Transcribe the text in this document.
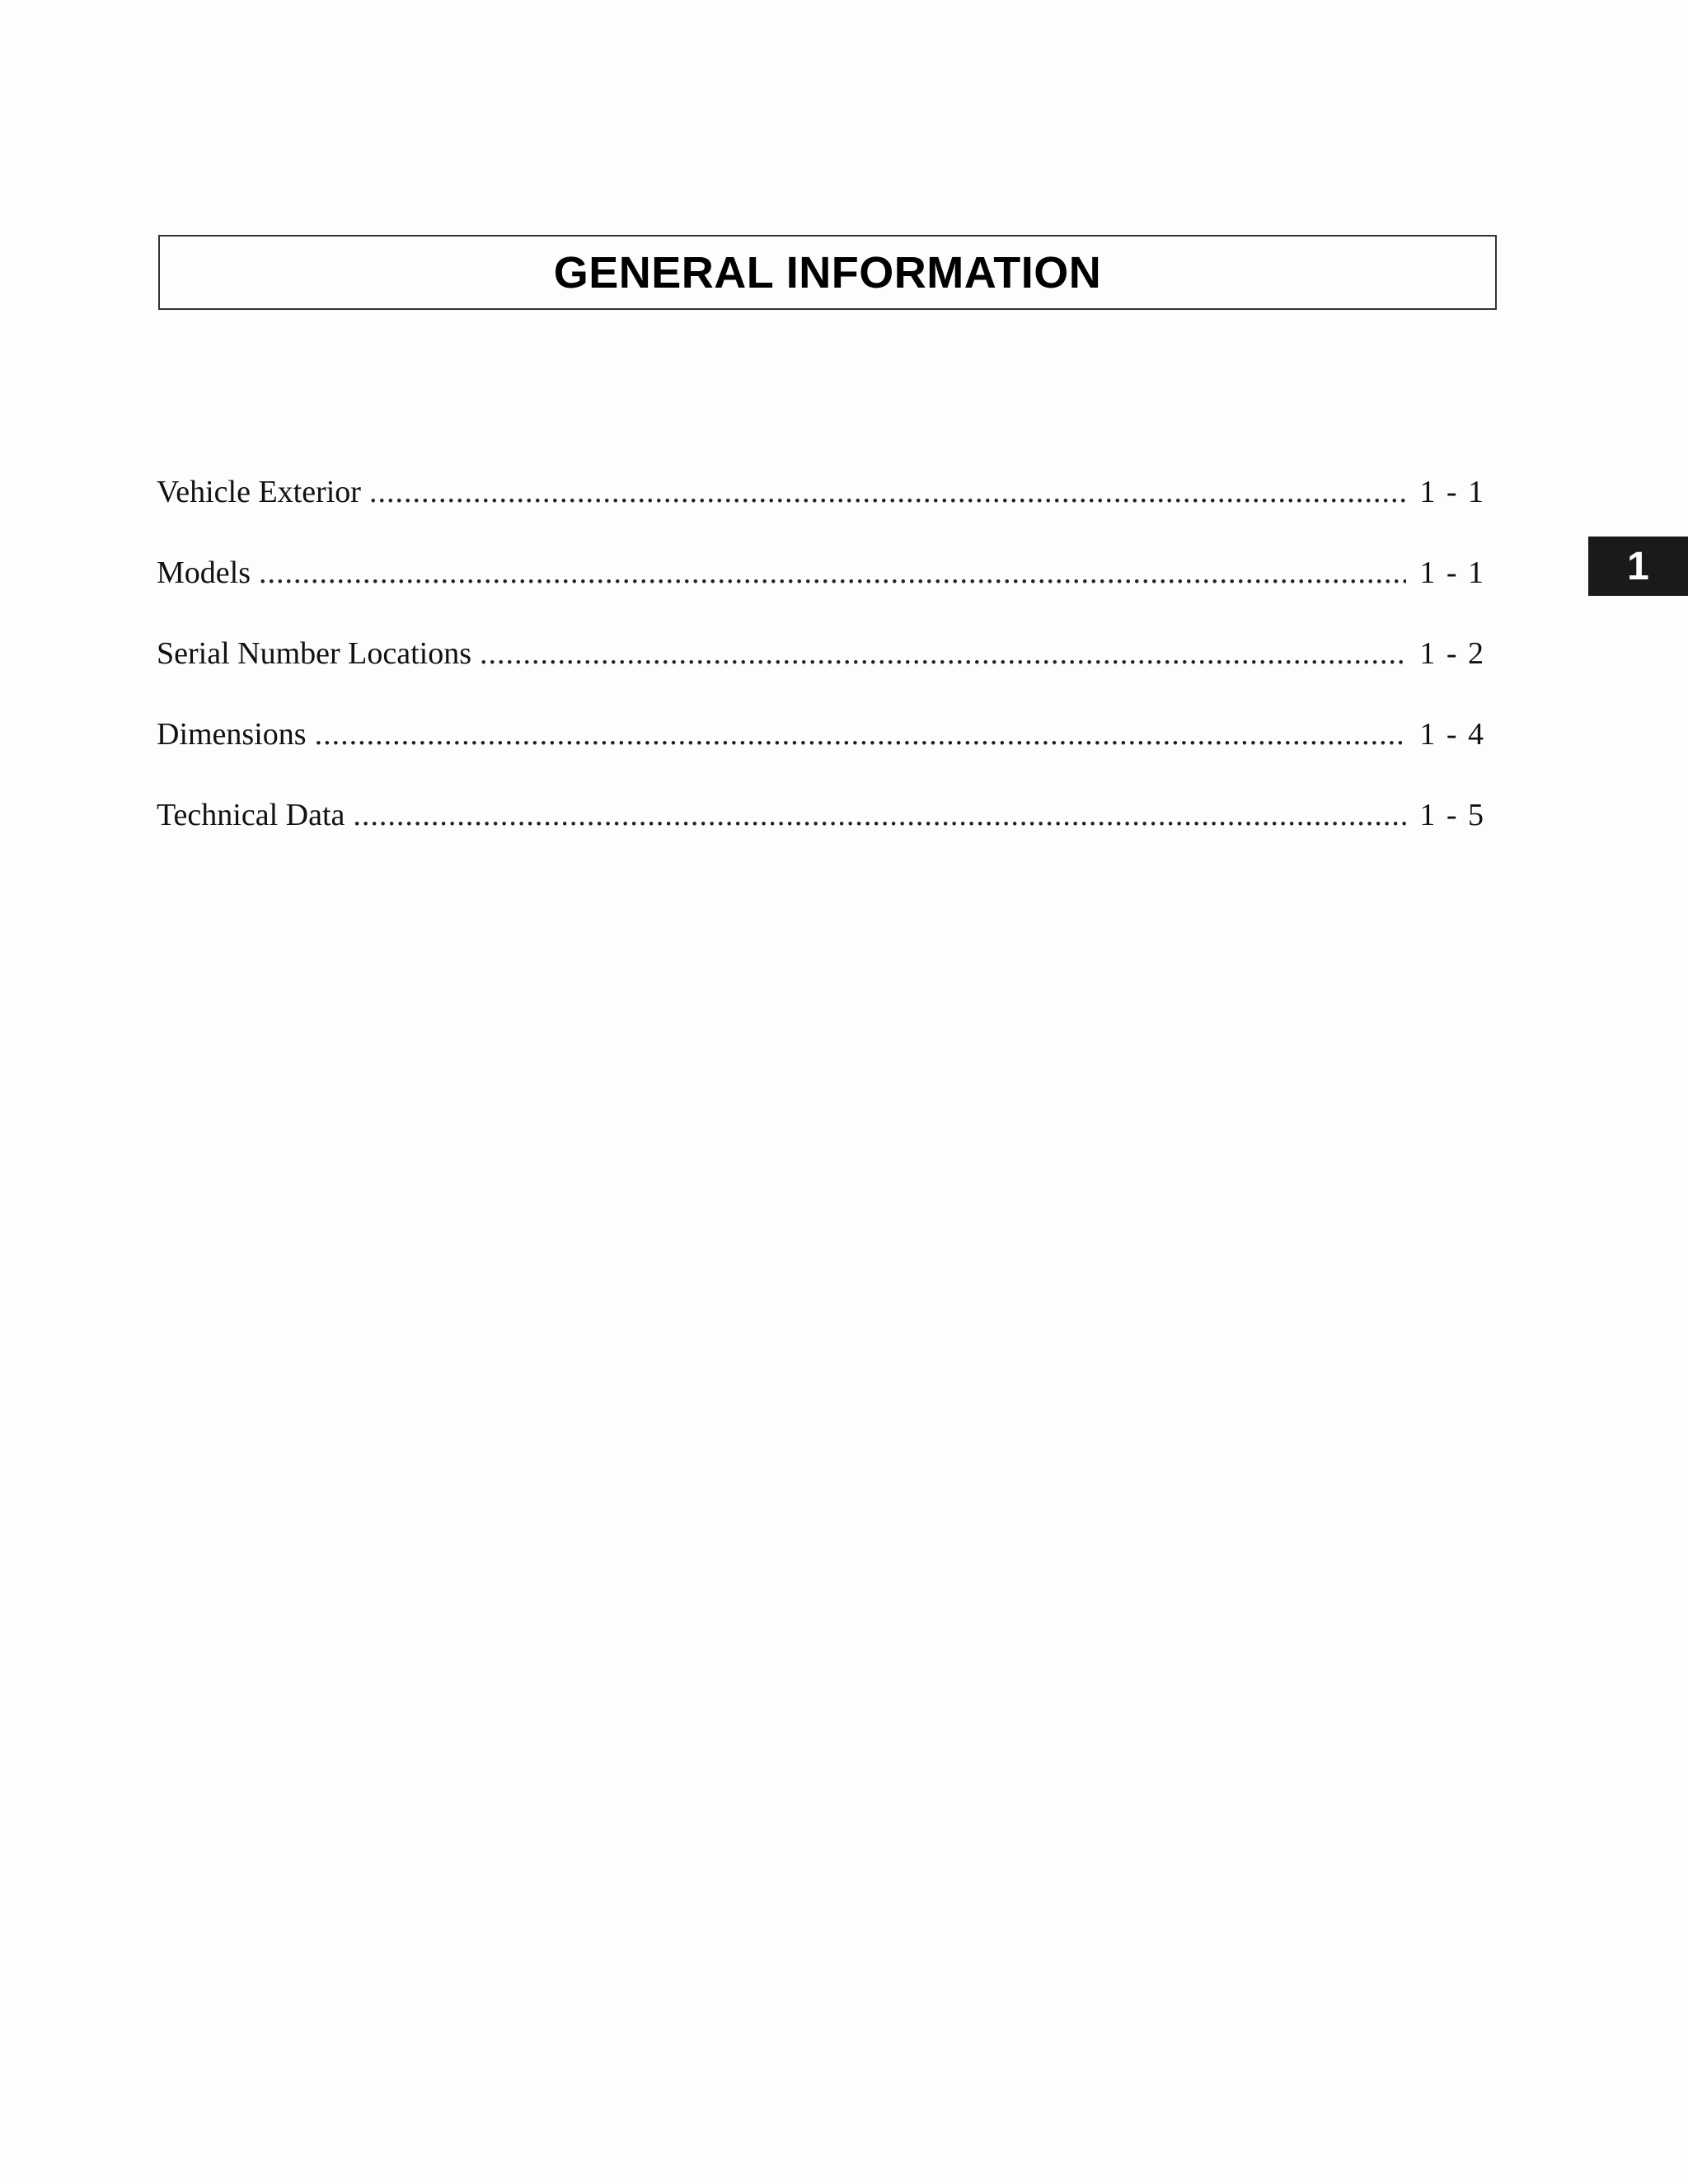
GENERAL INFORMATION
Vehicle Exterior .....	1 - 1
Models .....	1 - 1
Serial Number Locations .....	1 - 2
Dimensions .....	1 - 4
Technical Data .....	1 - 5
1
